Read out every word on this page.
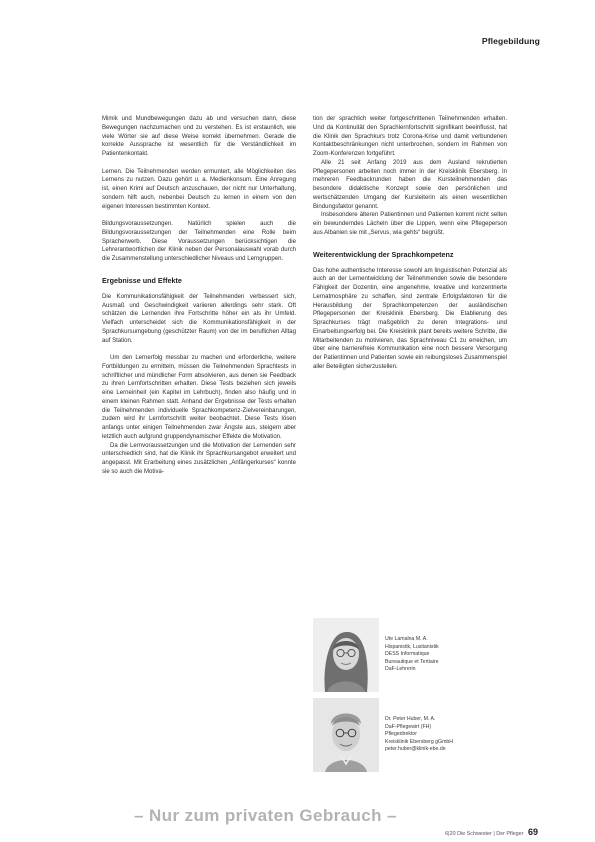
Pflegebildung

Mimik und Mundbewegungen dazu ab und versuchen dann, diese Bewegungen nachzumachen und zu verstehen. Es ist erstaunlich, wie viele Wörter sie auf diese Weise korrekt übernehmen. Gerade die korrekte Aussprache ist wesentlich für die Verständlichkeit im Patientenkontakt.

Lernen. Die Teilnehmenden werden ermuntert, alle Möglichkeiten des Lernens zu nutzen. Dazu gehört u. a. Medienkonsum. Eine Anregung ist, einen Krimi auf Deutsch anzuschauen, der nicht nur Unterhaltung, sondern hilft auch, nebenbei Deutsch zu lernen in einem von den eigenen Interessen bestimmten Kontext.

Bildungsvoraussetzungen. Natürlich spielen auch die Bildungsvoraussetzungen der Teilnehmenden eine Rolle beim Spracherwerb. Diese Voraussetzungen berücksichtigen die Lehrerantwortlichen der Klinik neben der Personalauswahl vorab durch die Zusammenstellung unterschiedlicher Niveaus und Lerngruppen.

Ergebnisse und Effekte

Die Kommunikationsfähigkeit der Teilnehmenden verbessert sich, Ausmaß und Geschwindigkeit variieren allerdings sehr stark. Oft schätzen die Lernenden ihre Fortschritte höher ein als ihr Umfeld. Vielfach unterscheidet sich die Kommunikationsfähigkeit in der Sprachkursumgebung (geschützter Raum) von der im beruflichen Alltag auf Station.

Um den Lernerfolg messbar zu machen und erforderliche, weitere Fortbildungen zu ermitteln, müssen die Teilnehmenden Sprachtests in schriftlicher und mündlicher Form absolvieren, aus denen sie Feedback zu ihren Lernfortschritten erhalten. Diese Tests beziehen sich jeweils eine Lerneinheit (ein Kapitel im Lehrbuch), finden also häufig und in einem kleinen Rahmen statt. Anhand der Ergebnisse der Tests erhalten die Teilnehmenden individuelle Sprachkompetenz-Zielvereinbarungen, zudem wird ihr Lernfortschritt weiter beobachtet. Diese Tests lösen anfangs unter einigen Teilnehmenden zwar Ängste aus, steigern aber letztlich auch aufgrund gruppendynamischer Effekte die Motivation.

Da die Lernvoraussetzungen und die Motivation der Lernenden sehr unterschiedlich sind, hat die Klinik ihr Sprachkursangebot erweitert und angepasst. Mit Erarbeitung eines zusätzlichen „Anfängerkurses“ konnte sie so auch die Motiva-

tion der sprachlich weiter fortgeschrittenen Teilnehmenden erhalten. Und da Kontinuität den Sprachlernfortschritt signifikant beeinflusst, hat die Klinik den Sprachkurs trotz Corona-Krise und damit verbundenen Kontaktbeschränkungen nicht unterbrochen, sondern im Rahmen von Zoom-Konferenzen fortgeführt.

Alle 21 seit Anfang 2019 aus dem Ausland rekrutierten Pflegepersonen arbeiten noch immer in der Kreisklinik Ebersberg. In mehreren Feedbackrunden haben die Kursteilnehmenden das besondere didaktische Konzept sowie den persönlichen und wertschätzenden Umgang der Kursleiterin als einen wesentlichen Bindungsfaktor genannt.

Insbesondere älteren Patientinnen und Patienten kommt nicht selten ein bewunderndes Lächeln über die Lippen, wenn eine Pflegeperson aus Albanien sie mit „Servus, wia gehts“ begrüßt.

Weiterentwicklung der Sprachkompetenz

Das hohe authentische Interesse sowohl am linguistischen Potenzial als auch an der Lernentwicklung der Teilnehmenden sowie die besondere Fähigkeit der Dozentin, eine angenehme, kreative und konzentrierte Lernatmosphäre zu schaffen, sind zentrale Erfolgsfaktoren für die Herausbildung der Sprachkompetenzen der ausländischen Pflegepersonen der Kreisklinik Ebersberg. Die Etablierung des Sprachkurses trägt maßgeblich zu deren Integrations- und Einarbeitungserfolg bei. Die Kreisklinik plant bereits weitere Schritte, die Mitarbeitenden zu motivieren, das Sprachniveau C1 zu erreichen, um über eine barrierefreie Kommunikation eine noch bessere Versorgung der Patientinnen und Patienten sowie ein reibungsloses Zusammenspiel aller Beteiligten sicherzustellen.

Ute Lamalna M. A.
Hispanistik, Lusitanistik
DESS Informatique
Bureautique et Tertiaire
DaF-Lehrerin
Dr. Peter Huber, M. A.
DaF-Pflegewirt (FH)
Pflegedirektor
Kreisklinik Ebersberg gGmbH
peter.huber@klinik-ebe.de
– Nur zum privaten Gebrauch –
6|20 Die Schwester | Der Pfleger 69
